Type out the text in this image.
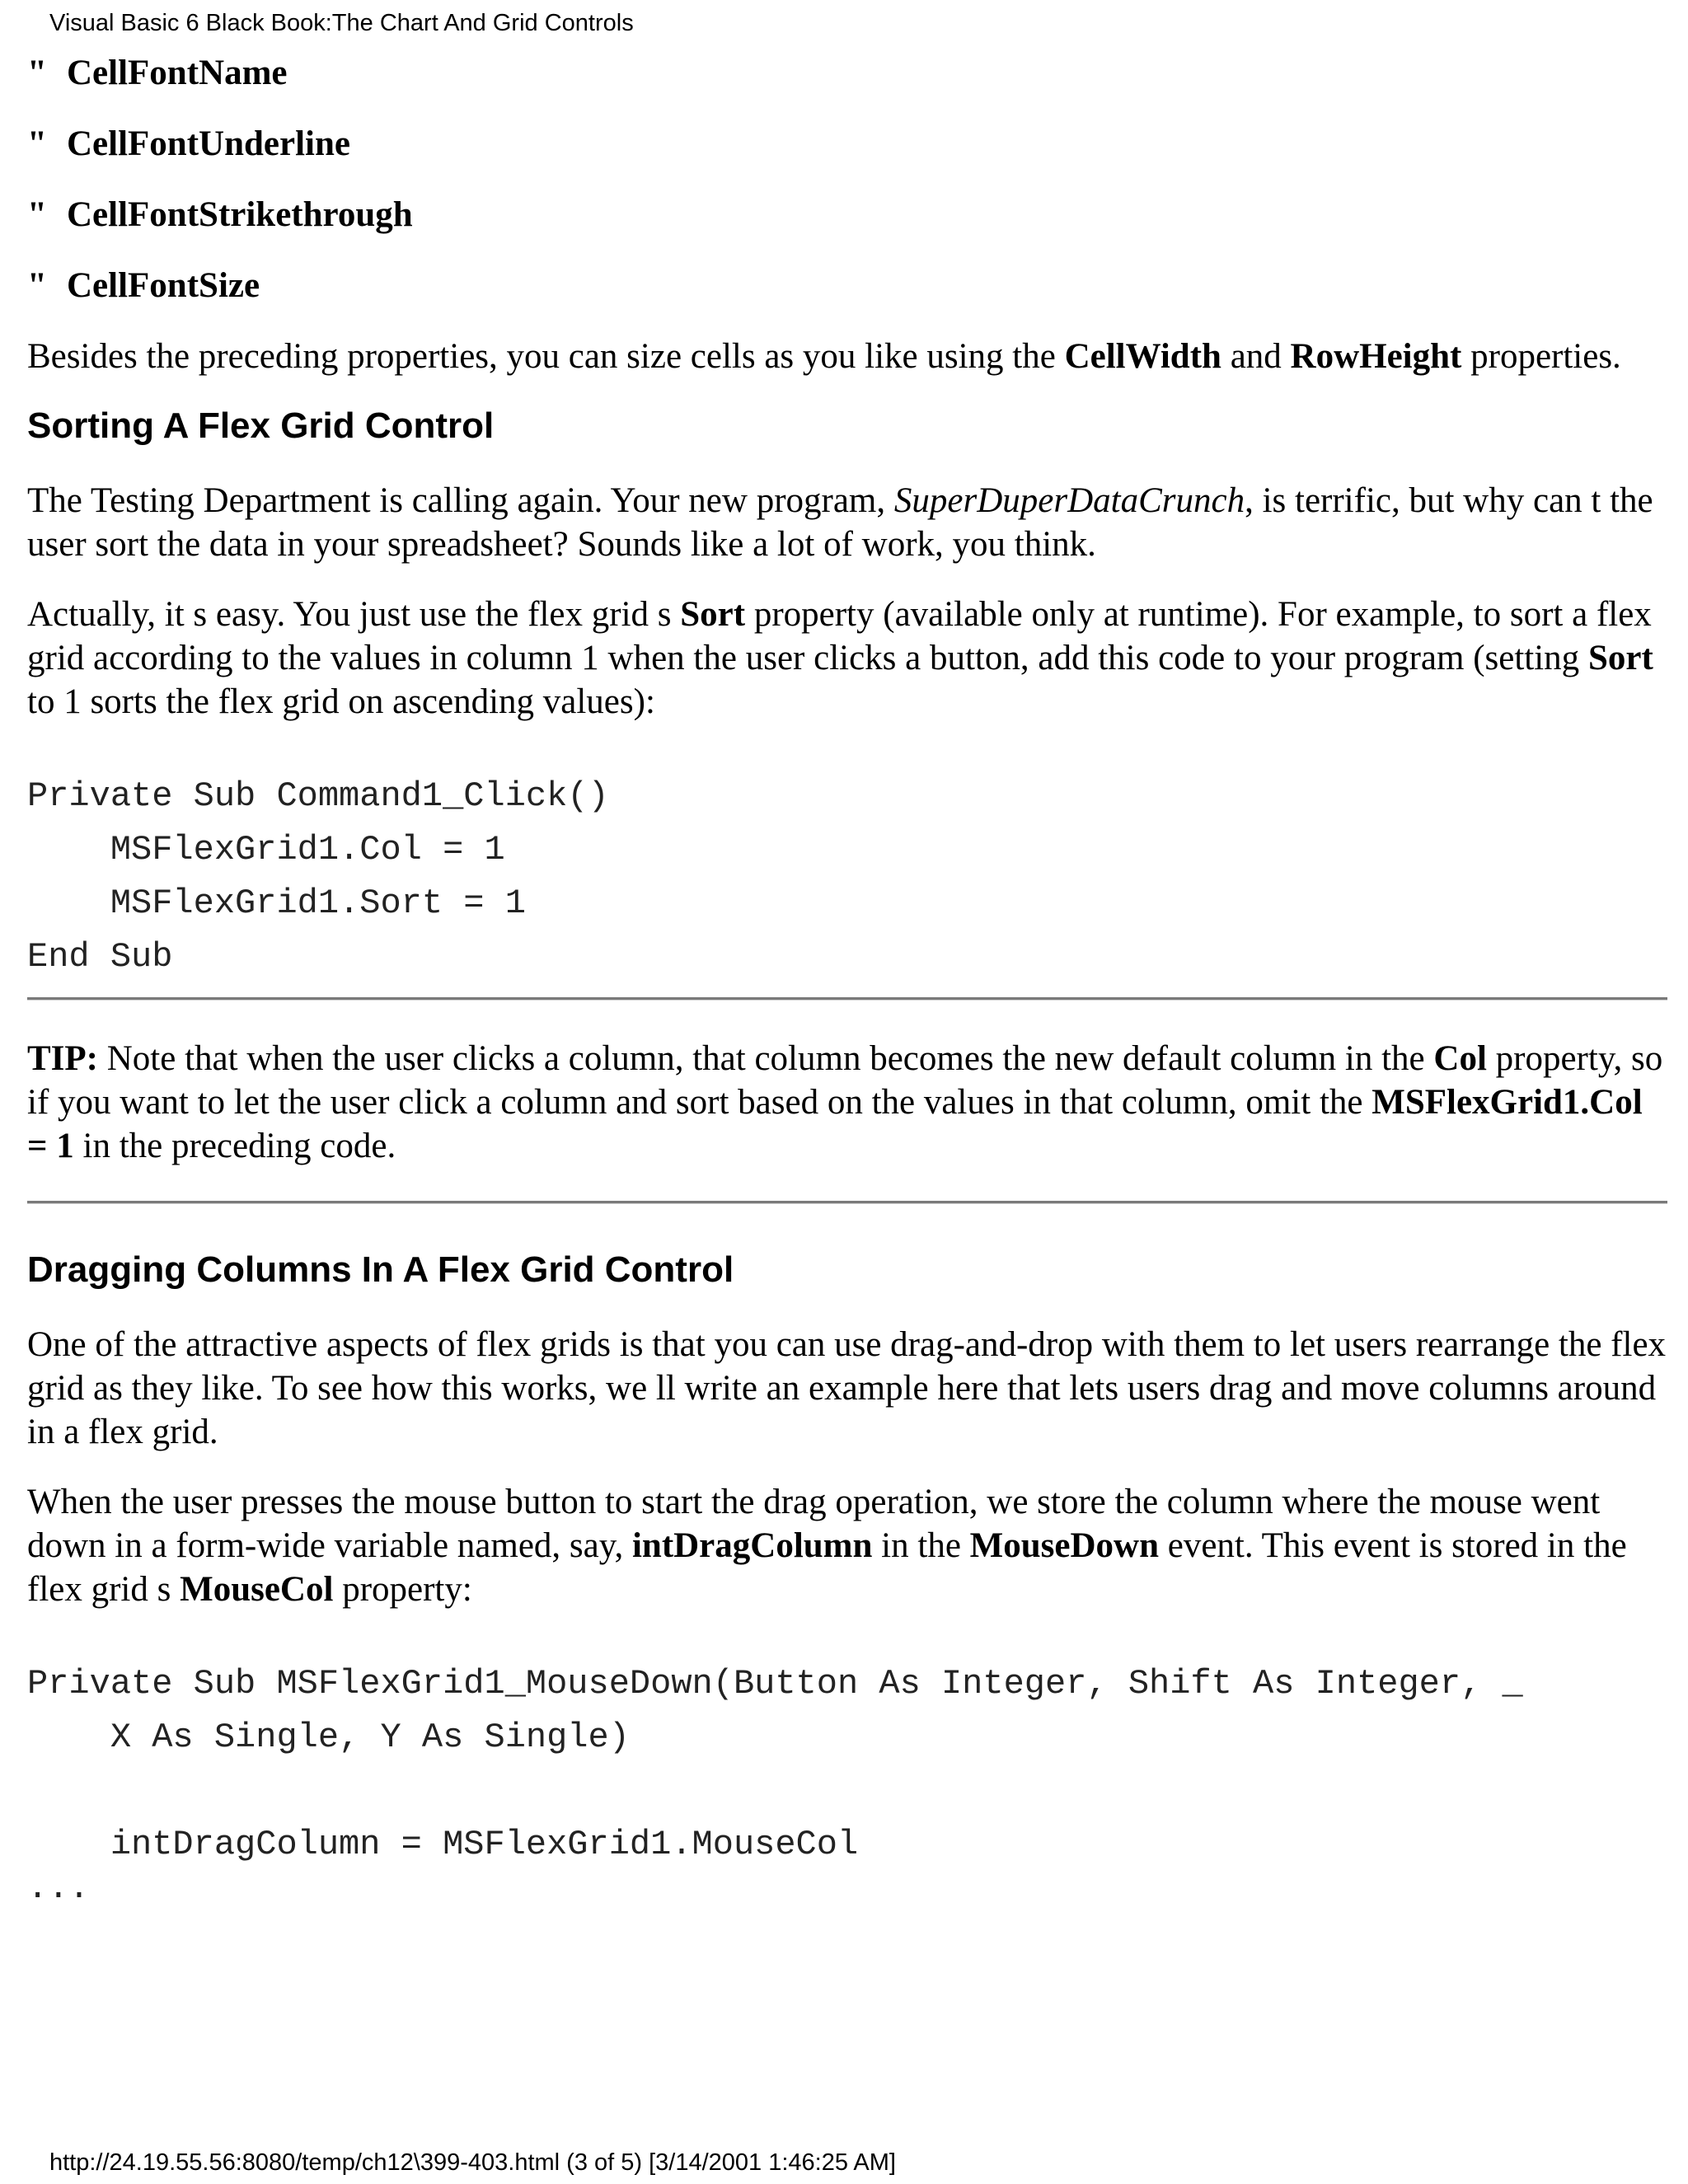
Visual Basic 6 Black Book:The Chart And Grid Controls
" CellFontName
" CellFontUnderline
" CellFontStrikethrough
" CellFontSize

Besides the preceding properties, you can size cells as you like using the CellWidth and RowHeight properties.

Sorting A Flex Grid Control

The Testing Department is calling again. Your new program, SuperDuperDataCrunch, is terrific, but why can t the user sort the data in your spreadsheet? Sounds like a lot of work, you think.

Actually, it s easy. You just use the flex grid s Sort property (available only at runtime). For example, to sort a flex grid according to the values in column 1 when the user clicks a button, add this code to your program (setting Sort to 1 sorts the flex grid on ascending values):

Private Sub Command1_Click()
MSFlexGrid1.Col = 1
MSFlexGrid1.Sort = 1
End Sub

TIP: Note that when the user clicks a column, that column becomes the new default column in the Col property, so if you want to let the user click a column and sort based on the values in that column, omit the MSFlexGrid1.Col = 1 in the preceding code.

Dragging Columns In A Flex Grid Control

One of the attractive aspects of flex grids is that you can use drag-and-drop with them to let users rearrange the flex grid as they like. To see how this works, we ll write an example here that lets users drag and move columns around in a flex grid.

When the user presses the mouse button to start the drag operation, we store the column where the mouse went down in a form-wide variable named, say, intDragColumn in the MouseDown event. This event is stored in the flex grid s MouseCol property:

Private Sub MSFlexGrid1_MouseDown(Button As Integer, Shift As Integer, _
X As Single, Y As Single)
intDragColumn = MSFlexGrid1.MouseCol
...
http://24.19.55.56:8080/temp/ch12\399-403.html (3 of 5) [3/14/2001 1:46:25 AM]
